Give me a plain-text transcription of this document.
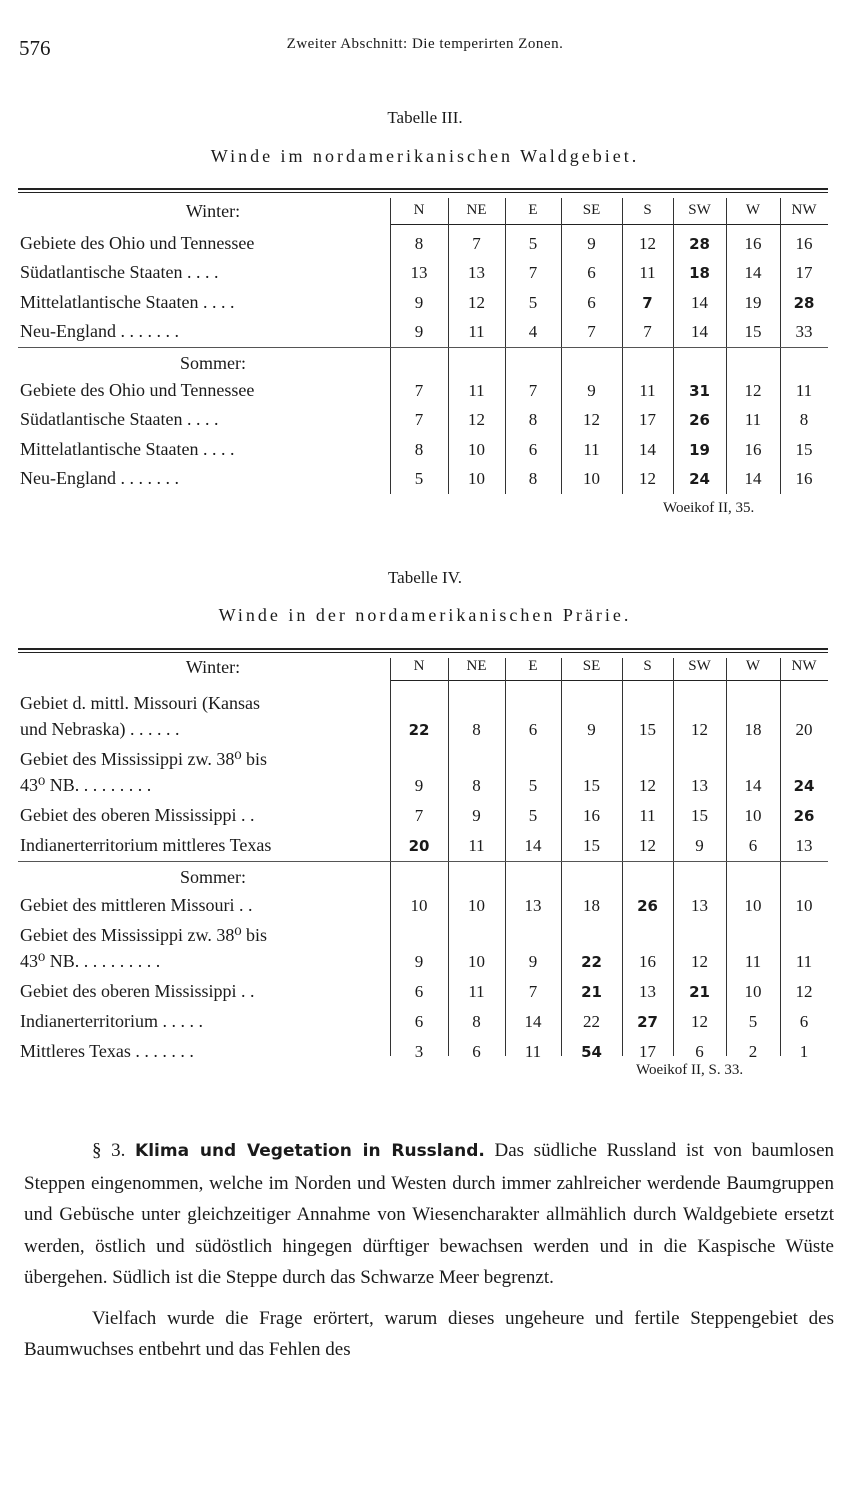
576	Zweiter Abschnitt: Die temperirten Zonen.
Tabelle III.
Winde im nordamerikanischen Waldgebiet.
Winter:	N	NE	E	SE	S	SW	W	NW
Gebiete des Ohio und Tennessee	8	7	5	9	12	28	16	16
Südatlantische Staaten . . . .	13	13	7	6	11	18	14	17
Mittelatlantische Staaten . . . .	9	12	5	6	7	14	19	28
Neu-England . . . . . . .	9	11	4	7	7	14	15	33
Sommer:
Gebiete des Ohio und Tennessee	7	11	7	9	11	31	12	11
Südatlantische Staaten . . . .	7	12	8	12	17	26	11	8
Mittelatlantische Staaten . . . .	8	10	6	11	14	19	16	15
Neu-England . . . . . . .	5	10	8	10	12	24	14	16
Woeikof II, 35.
Tabelle IV.
Winde in der nordamerikanischen Prärie.
Winter:	N	NE	E	SE	S	SW	W	NW
Gebiet d. mittl. Missouri (Kansas
und Nebraska) . . . . . .	22	8	6	9	15	12	18	20
Gebiet des Mississippi zw. 38⁰ bis
43⁰ NB. . . . . . . . .	9	8	5	15	12	13	14	24
Gebiet des oberen Mississippi . .	7	9	5	16	11	15	10	26
Indianerterritorium mittleres Texas	20	11	14	15	12	9	6	13
Sommer:
Gebiet des mittleren Missouri . .	10	10	13	18	26	13	10	10
Gebiet des Mississippi zw. 38⁰ bis
43⁰ NB. . . . . . . . . .	9	10	9	22	16	12	11	11
Gebiet des oberen Mississippi . .	6	11	7	21	13	21	10	12
Indianerterritorium . . . . .	6	8	14	22	27	12	5	6
Mittleres Texas . . . . . . .	3	6	11	54	17	6	2	1
Woeikof II, S. 33.

§ 3. Klima und Vegetation in Russland. Das südliche Russland ist von baumlosen Steppen eingenommen, welche im Norden und Westen durch immer zahlreicher werdende Baumgruppen und Gebüsche unter gleichzeitiger Annahme von Wiesencharakter allmählich durch Waldgebiete ersetzt werden, östlich und südöstlich hingegen dürftiger bewachsen werden und in die Kaspische Wüste übergehen. Südlich ist die Steppe durch das Schwarze Meer begrenzt.

Vielfach wurde die Frage erörtert, warum dieses ungeheure und fertile Steppengebiet des Baumwuchses entbehrt und das Fehlen des
